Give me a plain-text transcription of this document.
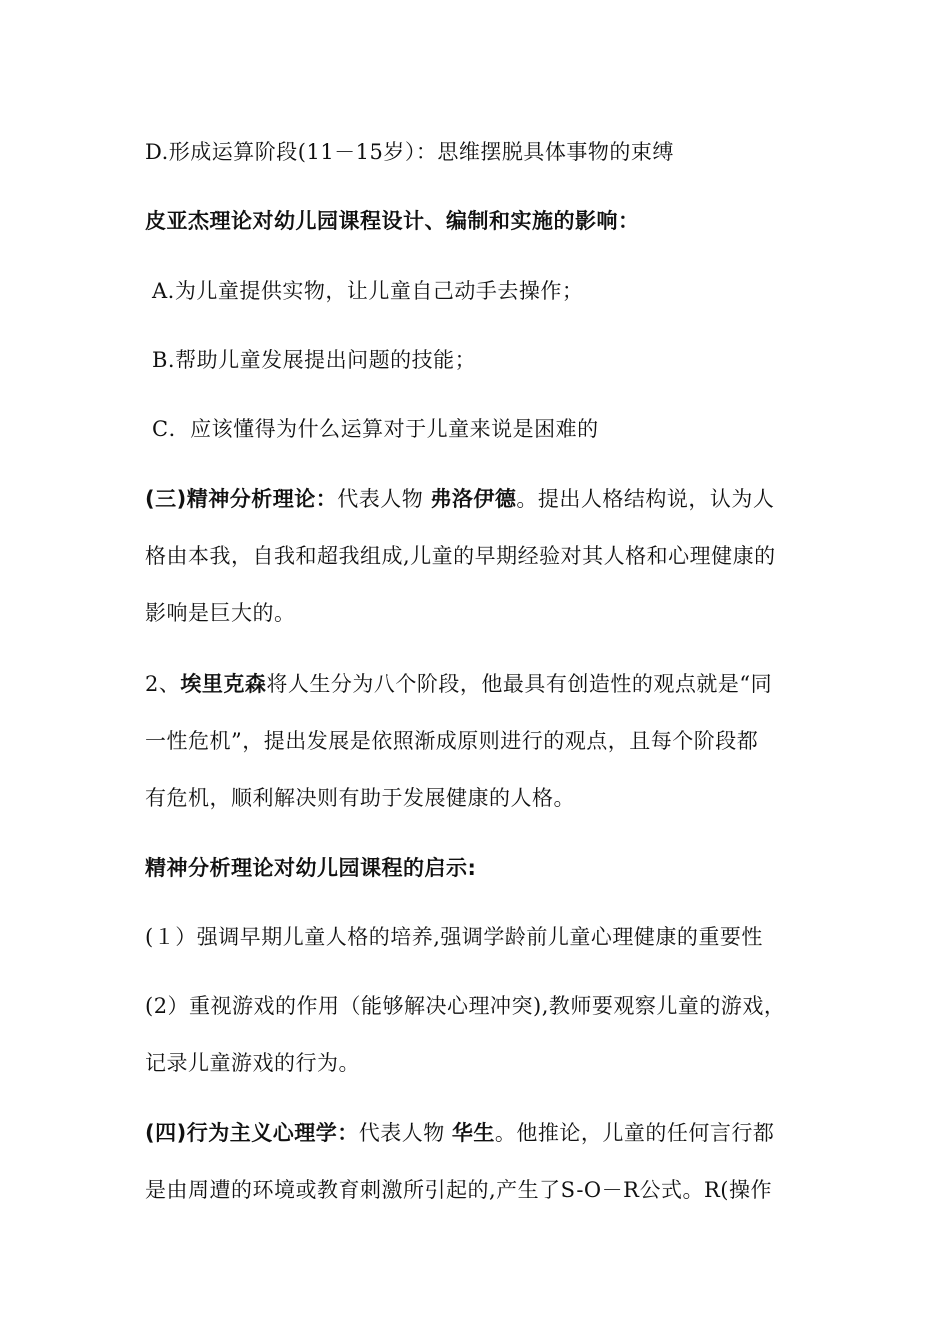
D.形成运算阶段(11－15岁）：思维摆脱具体事物的束缚
皮亚杰理论对幼儿园课程设计、编制和实施的影响：
A.为儿童提供实物，让儿童自己动手去操作；
B.帮助儿童发展提出问题的技能；
C．应该懂得为什么运算对于儿童来说是困难的
(三)精神分析理论：代表人物 弗洛伊德。提出人格结构说，认为人
格由本我，自我和超我组成,儿童的早期经验对其人格和心理健康的
影响是巨大的。
2、埃里克森将人生分为八个阶段，他最具有创造性的观点就是“同
一性危机”，提出发展是依照渐成原则进行的观点，且每个阶段都
有危机，顺利解决则有助于发展健康的人格。
精神分析理论对幼儿园课程的启示:
(１）强调早期儿童人格的培养,强调学龄前儿童心理健康的重要性
(2）重视游戏的作用（能够解决心理冲突),教师要观察儿童的游戏，
记录儿童游戏的行为。
(四)行为主义心理学：代表人物 华生。他推论，儿童的任何言行都
是由周遭的环境或教育刺激所引起的,产生了S-O－R公式。R(操作
